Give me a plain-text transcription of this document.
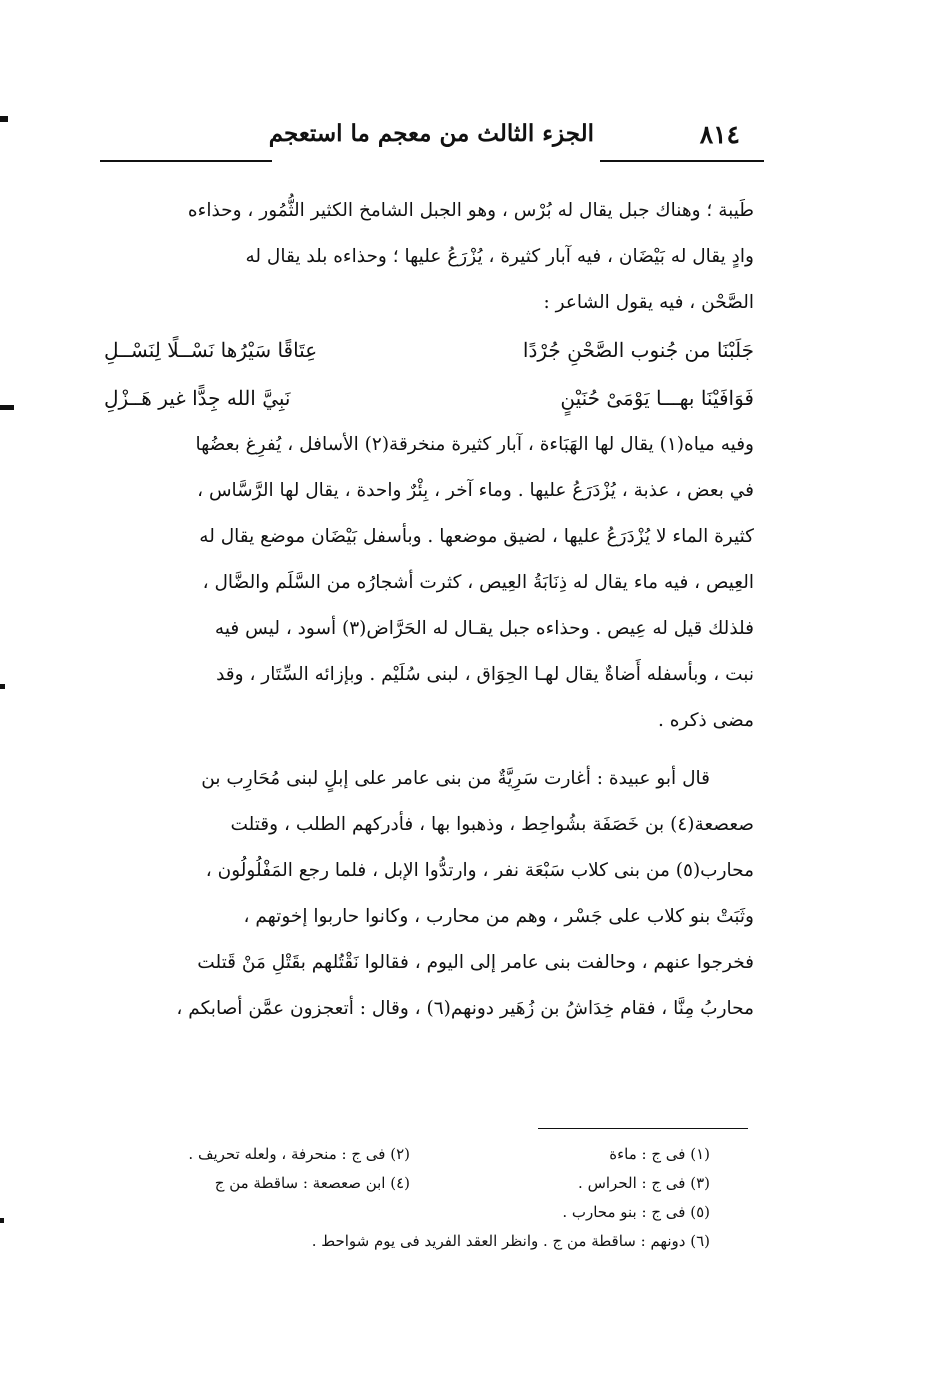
٨١٤
الجزء الثالث من معجم ما استعجم
طَيبة ؛ وهناك جبل يقال له بُرْس ، وهو الجبل الشامخ الكثير الثُّمُور ، وحذاءه
وادٍ يقال له بَيْضَان ، فيه آبار كثيرة ، يُزْرَعُ عليها ؛ وحذاءه بلد يقال له
الصَّحْن ، فيه يقول الشاعر :
جَلَبْنَا من جُنوب الصَّحْنِ جُرْدًا
عِتَاقًا سَيْرُها نَسْــلًا لِنَسْــلِ
فَوَافَيْنَا بهـــا يَوْمَىْ حُنَيْنٍ
نَبِيَّ الله جِدًّا غير هَــزْلِ
وفيه مياه(١) يقال لها الهَبَاءة ، آبار كثيرة منخرقة(٢) الأسافل ، يُفرِغ بعضُها
في بعض ، عذبة ، يُزْدَرَعُ عليها . وماء آخر ، بِئْرٌ واحدة ، يقال لها الرَّسَّاس ،
كثيرة الماء لا يُزْدَرَعُ عليها ، لضيق موضعها . وبأسفل بَيْضَان موضع يقال له
العِيص ، فيه ماء يقال له ذِنَابَةُ العِيص ، كثرت أشجارُه من السَّلَم والضَّال ،
فلذلك قيل له عِيص . وحذاءه جبل يقـال له الحَرَّاض(٣) أسود ، ليس فيه
نبت ، وبأسفله أَضاةٌ يقال لهـا الحِوَاق ، لبنى سُلَيْم . وبإزائه السِّتَار ، وقد
مضى ذكره .
قال أبو عبيدة : أغارت سَرِيَّةٌ من بنى عامر على إبلٍ لبنى مُحَارِب بن
صعصعة(٤) بن خَصَفَة بشُواحِط ، وذهبوا بها ، فأدركهم الطلب ، وقتلت
محارب(٥) من بنى كلاب سَبْعَة نفر ، وارتدُّوا الإبل ، فلما رجع المَفْلُولُون ،
وثَبَتْ بنو كلاب على جَسْر ، وهم من محارب ، وكانوا حاربوا إخوتهم ،
فخرجوا عنهم ، وحالفت بنى عامر إلى اليوم ، فقالوا نَقْتُلهم بقَتْلِ مَنْ قَتلت
محاربُ مِنَّا ، فقام خِدَاشُ بن زُهَير دونهم(٦) ، وقال : أتعجزون عمَّن أصابكم ،
(١) فى ج : ماءة
(٢) فى ج : منحرفة ، ولعله تحريف .
(٣) فى ج : الحراس .
(٤) ابن صعصعة : ساقطة من ج
(٥) فى ج : بنو محارب .
(٦) دونهم : ساقطة من ج . وانظر العقد الفريد فى يوم شواحط .
